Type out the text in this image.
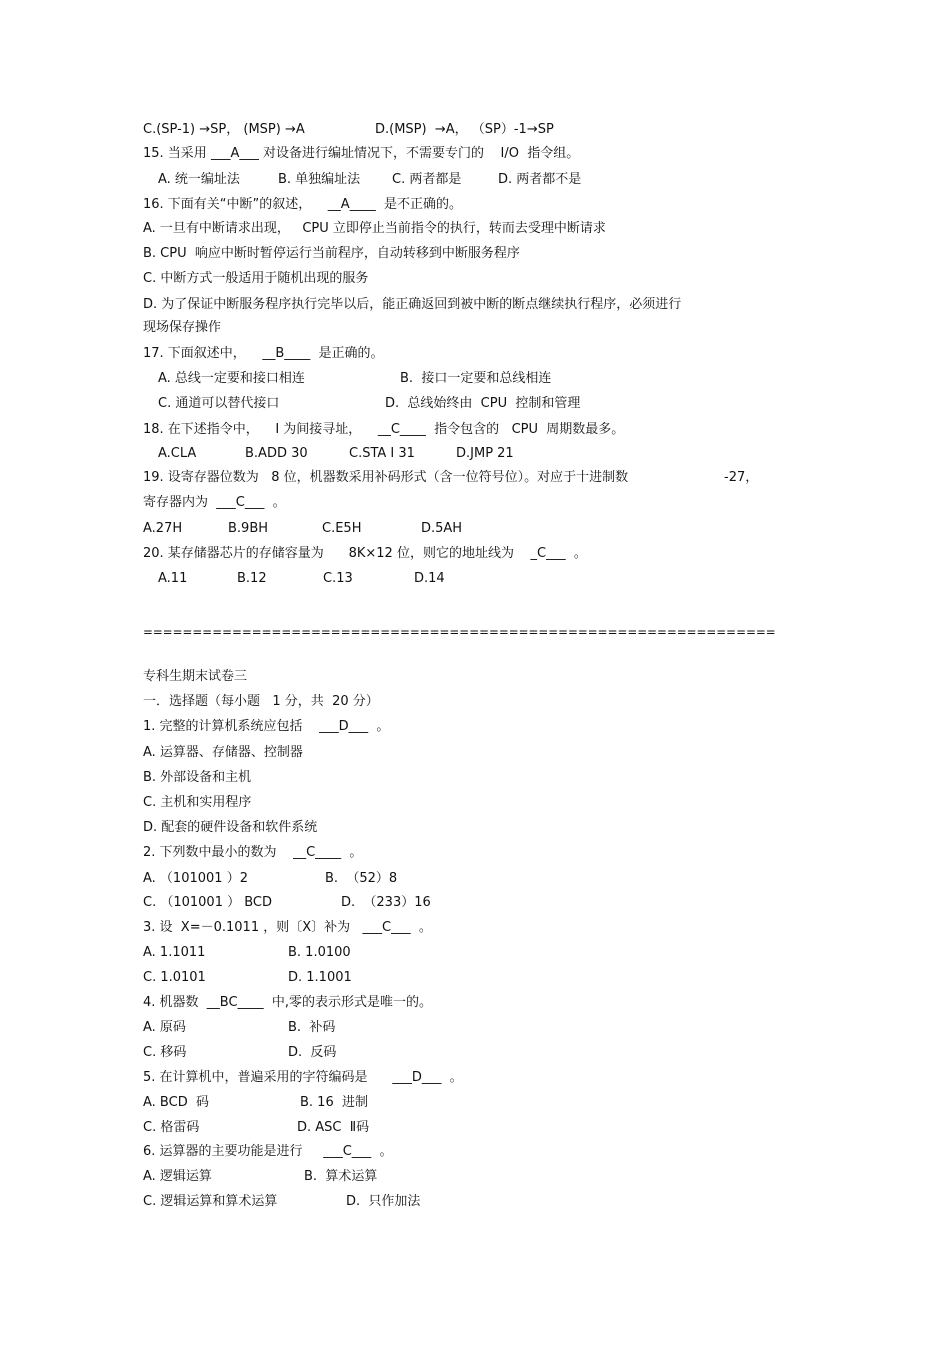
C.(SP-1) →SP， (MSP) →A	D.(MSP)  →A， （SP）-1→SP
15. 当采用 ___A___ 对设备进行编址情况下，不需要专门的    I/O  指令组。
A. 统一编址法	B. 单独编址法 C. 两者都是	D. 两者都不是
16. 下面有关“中断”的叙述，    __A____  是不正确的。
A. 一旦有中断请求出现，   CPU 立即停止当前指令的执行，转而去受理中断请求
B. CPU  响应中断时暂停运行当前程序，自动转移到中断服务程序
C. 中断方式一般适用于随机出现的服务
D. 为了保证中断服务程序执行完毕以后，能正确返回到被中断的断点继续执行程序，必须进行
现场保存操作
17. 下面叙述中，    __B____  是正确的。
A. 总线一定要和接口相连	B.  接口一定要和总线相连
C. 通道可以替代接口	D.  总线始终由  CPU  控制和管理
18. 在下述指令中，    I 为间接寻址，    __C____  指令包含的   CPU  周期数最多。
A.CLA	B.ADD 30	C.STA I 31	D.JMP 21
19. 设寄存器位数为   8 位，机器数采用补码形式（含一位符号位）。对应于十进制数	-27，
寄存器内为  ___C___  。
A.27H	B.9BH	C.E5H	D.5AH
20. 某存储器芯片的存储容量为      8K×12 位，则它的地址线为    _C___  。
A.11	B.12	C.13	D.14
================================================================
专科生期末试卷三
一．选择题（每小题   1 分，共  20 分）
1. 完整的计算机系统应包括    ___D___  。
A. 运算器、存储器、控制器
B. 外部设备和主机
C. 主机和实用程序
D. 配套的硬件设备和软件系统
2. 下列数中最小的数为    __C____  。
A. （101001 ）2	B.  （52）8
C. （101001 ） BCD	D.  （233）16
3. 设  X=－0.1011 ，则〔X〕补为   ___C___  。
A. 1.1011	B. 1.0100
C. 1.0101	D. 1.1001
4. 机器数  __BC____  中,零的表示形式是唯一的。
A. 原码	B.  补码
C. 移码	D.  反码
5. 在计算机中，普遍采用的字符编码是      ___D___  。
A. BCD  码	B. 16  进制
C. 格雷码	D. ASC  Ⅱ码
6. 运算器的主要功能是进行     ___C___  。
A. 逻辑运算	B.  算术运算
C. 逻辑运算和算术运算	D.  只作加法
